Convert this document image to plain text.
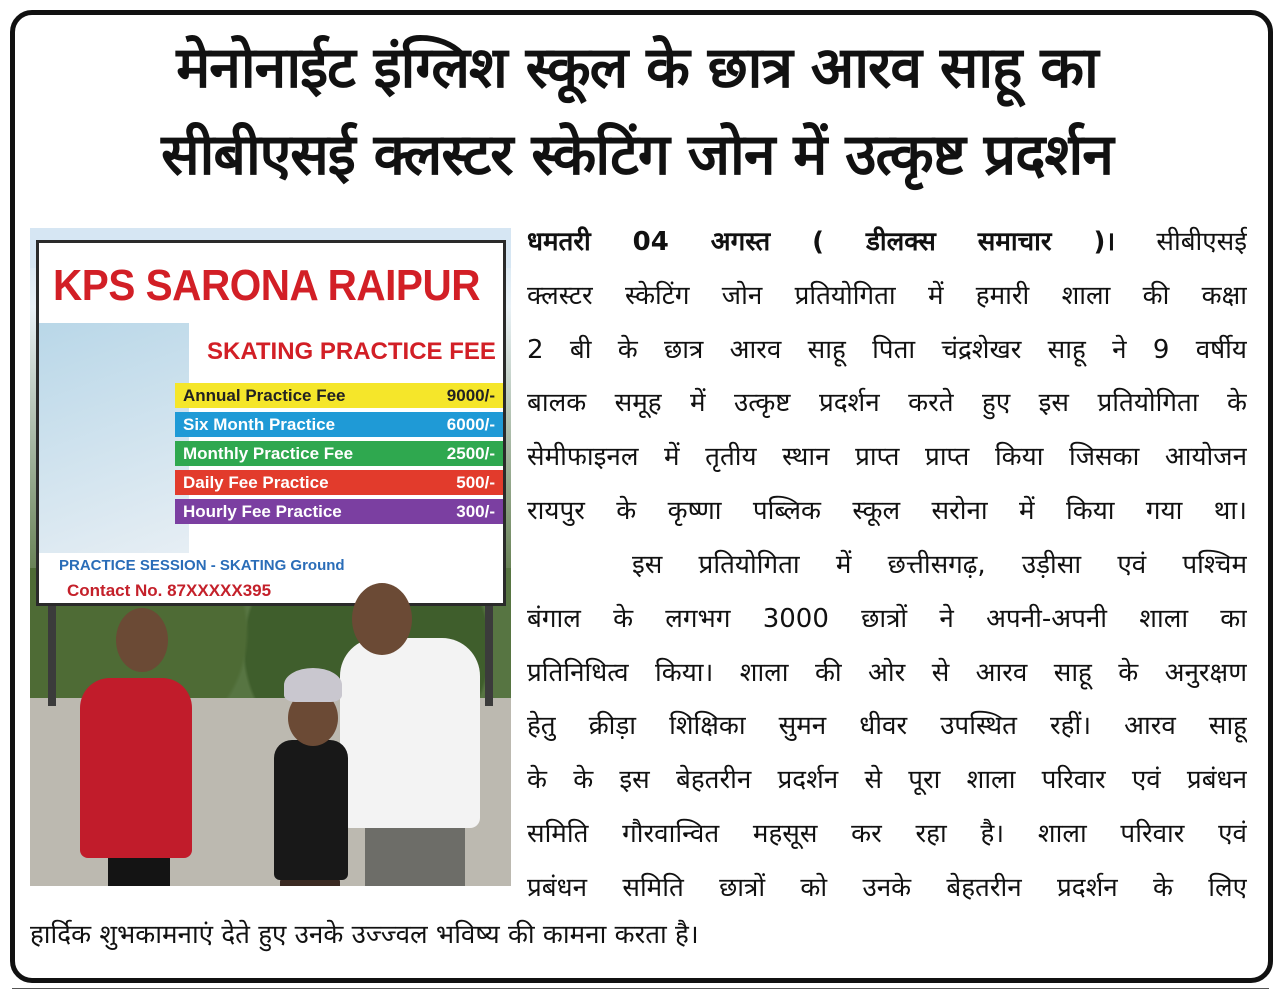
मेनोनाईट इंग्लिश स्कूल के छात्र आरव साहू का
सीबीएसई क्लस्टर स्केटिंग जोन में उत्कृष्ट प्रदर्शन
KPS SARONA RAIPUR
SKATING PRACTICE FEE
Annual Practice Fee	9000/-
Six Month Practice	6000/-
Monthly Practice Fee	2500/-
Daily Fee Practice	500/-
Hourly Fee Practice	300/-
PRACTICE SESSION - SKATING Ground
Contact No. 87XXXXX395
धमतरी 04 अगस्त ( डीलक्स समाचार )। सीबीएसई
क्लस्टर स्केटिंग जोन प्रतियोगिता में हमारी शाला की कक्षा
2 बी के छात्र आरव साहू पिता चंद्रशेखर साहू ने 9 वर्षीय
बालक समूह में उत्कृष्ट प्रदर्शन करते हुए इस प्रतियोगिता के
सेमीफाइनल में तृतीय स्थान प्राप्त प्राप्त किया जिसका आयोजन
रायपुर के कृष्णा पब्लिक स्कूल सरोना में किया गया था।
इस प्रतियोगिता में छत्तीसगढ़, उड़ीसा एवं पश्चिम
बंगाल के लगभग 3000 छात्रों ने अपनी-अपनी शाला का
प्रतिनिधित्व किया। शाला की ओर से आरव साहू के अनुरक्षण
हेतु क्रीड़ा शिक्षिका सुमन धीवर उपस्थित रहीं। आरव साहू
के के इस बेहतरीन प्रदर्शन से पूरा शाला परिवार एवं प्रबंधन
समिति गौरवान्वित महसूस कर रहा है। शाला परिवार एवं
प्रबंधन समिति छात्रों को उनके बेहतरीन प्रदर्शन के लिए
हार्दिक शुभकामनाएं देते हुए उनके उज्ज्वल भविष्य की कामना करता है।
